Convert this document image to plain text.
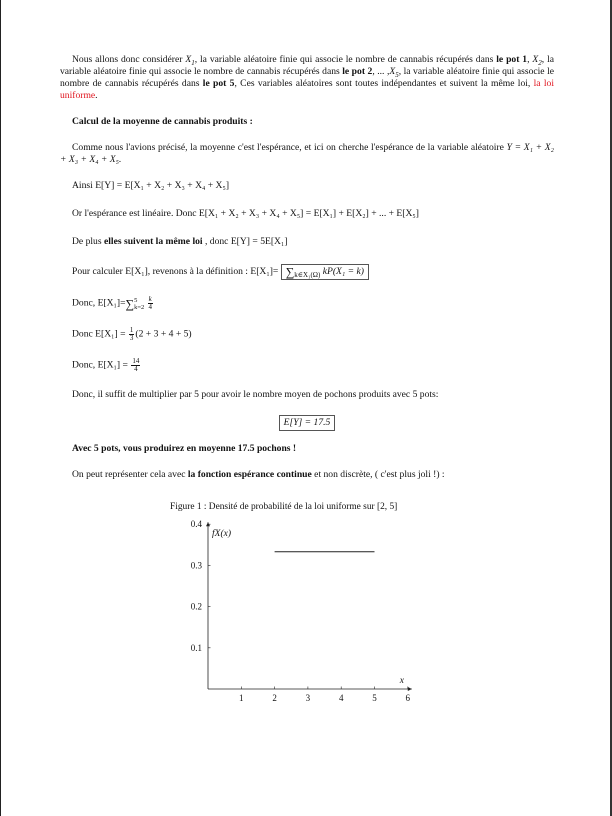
Nous allons donc considérer $X_1$, la variable aléatoire finie qui associe le nombre de cannabis récupérés dans le pot 1, $X_2$, la variable aléatoire finie qui associe le nombre de cannabis récupérés dans le pot 2, ... $,X_5$, la variable aléatoire finie qui associe le nombre de cannabis récupérés dans le pot 5, Ces variables aléatoires sont toutes indépendantes et suivent la même loi, la loi uniforme.

Calcul de la moyenne de cannabis produits :

Comme nous l'avions précisé, la moyenne c'est l'espérance, et ici on cherche l'espérance de la variable aléatoire Y = X₁ + X₂ + X₃ + X₄ + X₅.

Ainsi E[Y] = E[X₁ + X₂ + X₃ + X₄ + X₅]

Or l'espérance est linéaire. Donc E[X₁ + X₂ + X₃ + X₄ + X₅] = E[X₁] + E[X₂] + ... + E[X₅]

De plus elles suivent la même loi , donc E[Y] = 5E[X₁]

Pour calculer E[X₁], revenons à la définition : $E[X_1]= \sum_{k\in X_1(\Omega)}$ kP(X₁ = k)

Donc, E[X₁]=∑ 5
k=2
$\frac{k}{4}$

Donc $E[X_1] = \frac{1}{3} (2 + 3 + 4 + 5)$

Donc, $E[X_1] = \frac{14}{4}$

Donc, il suffit de multiplier par 5 pour avoir le nombre moyen de pochons produits avec 5 pots:

E[Y] = 17.5

Avec 5 pots, vous produirez en moyenne 17.5 pochons !

On peut représenter cela avec la fonction espérance continue et non discrète, ( c'est plus joli !) :

Figure 1 : Densité de probabilité de la loi uniforme sur [2, 5]
1	2	3	4	5	6
0.1
0.2
0.3
0.4
fX(x)
x
